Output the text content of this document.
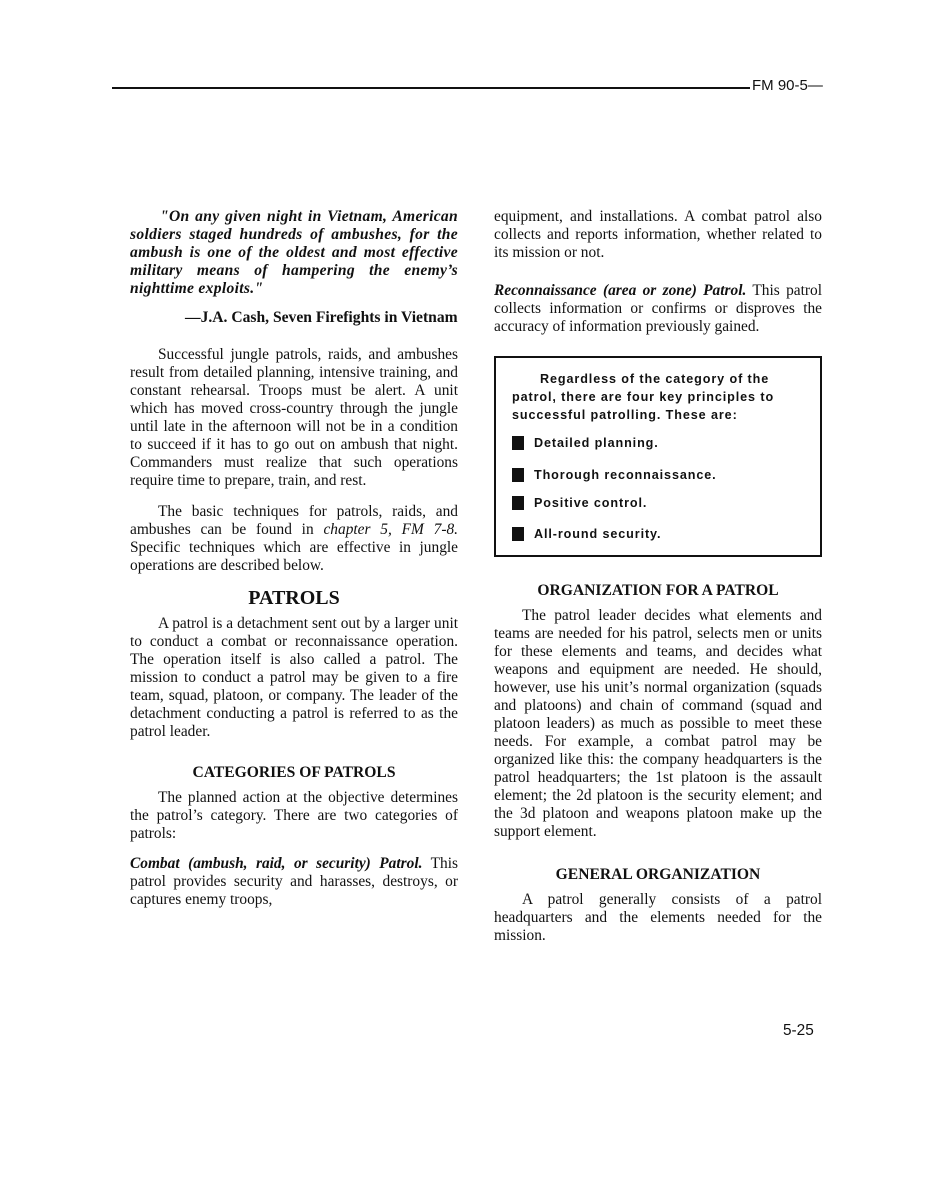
FM 90-5—

"On any given night in Vietnam, American soldiers staged hundreds of ambushes, for the ambush is one of the oldest and most effective military means of hampering the enemy’s nighttime exploits."

—J.A. Cash, Seven Firefights in Vietnam

Successful jungle patrols, raids, and ambushes result from detailed planning, intensive training, and constant rehearsal. Troops must be alert. A unit which has moved cross-country through the jungle until late in the afternoon will not be in a condition to succeed if it has to go out on ambush that night. Commanders must realize that such operations require time to prepare, train, and rest.

The basic techniques for patrols, raids, and ambushes can be found in chapter 5, FM 7-8. Specific techniques which are effective in jungle operations are described below.

PATROLS

A patrol is a detachment sent out by a larger unit to conduct a combat or reconnaissance operation. The operation itself is also called a patrol. The mission to conduct a patrol may be given to a fire team, squad, platoon, or company. The leader of the detachment conducting a patrol is referred to as the patrol leader.

CATEGORIES OF PATROLS

The planned action at the objective determines the patrol’s category. There are two categories of patrols:

Combat (ambush, raid, or security) Patrol. This patrol provides security and harasses, destroys, or captures enemy troops,

equipment, and installations. A combat patrol also collects and reports information, whether related to its mission or not.

Reconnaissance (area or zone) Patrol. This patrol collects information or confirms or disproves the accuracy of information previously gained.

Regardless of the category of the patrol, there are four key principles to successful patrolling. These are:

Detailed planning.
Thorough reconnaissance.
Positive control.
All-round security.
ORGANIZATION FOR A PATROL

The patrol leader decides what elements and teams are needed for his patrol, selects men or units for these elements and teams, and decides what weapons and equipment are needed. He should, however, use his unit’s normal organization (squads and platoons) and chain of command (squad and platoon leaders) as much as possible to meet these needs. For example, a combat patrol may be organized like this: the company headquarters is the patrol headquarters; the 1st platoon is the assault element; the 2d platoon is the security element; and the 3d platoon and weapons platoon make up the support element.

GENERAL ORGANIZATION

A patrol generally consists of a patrol headquarters and the elements needed for the mission.

5-25
